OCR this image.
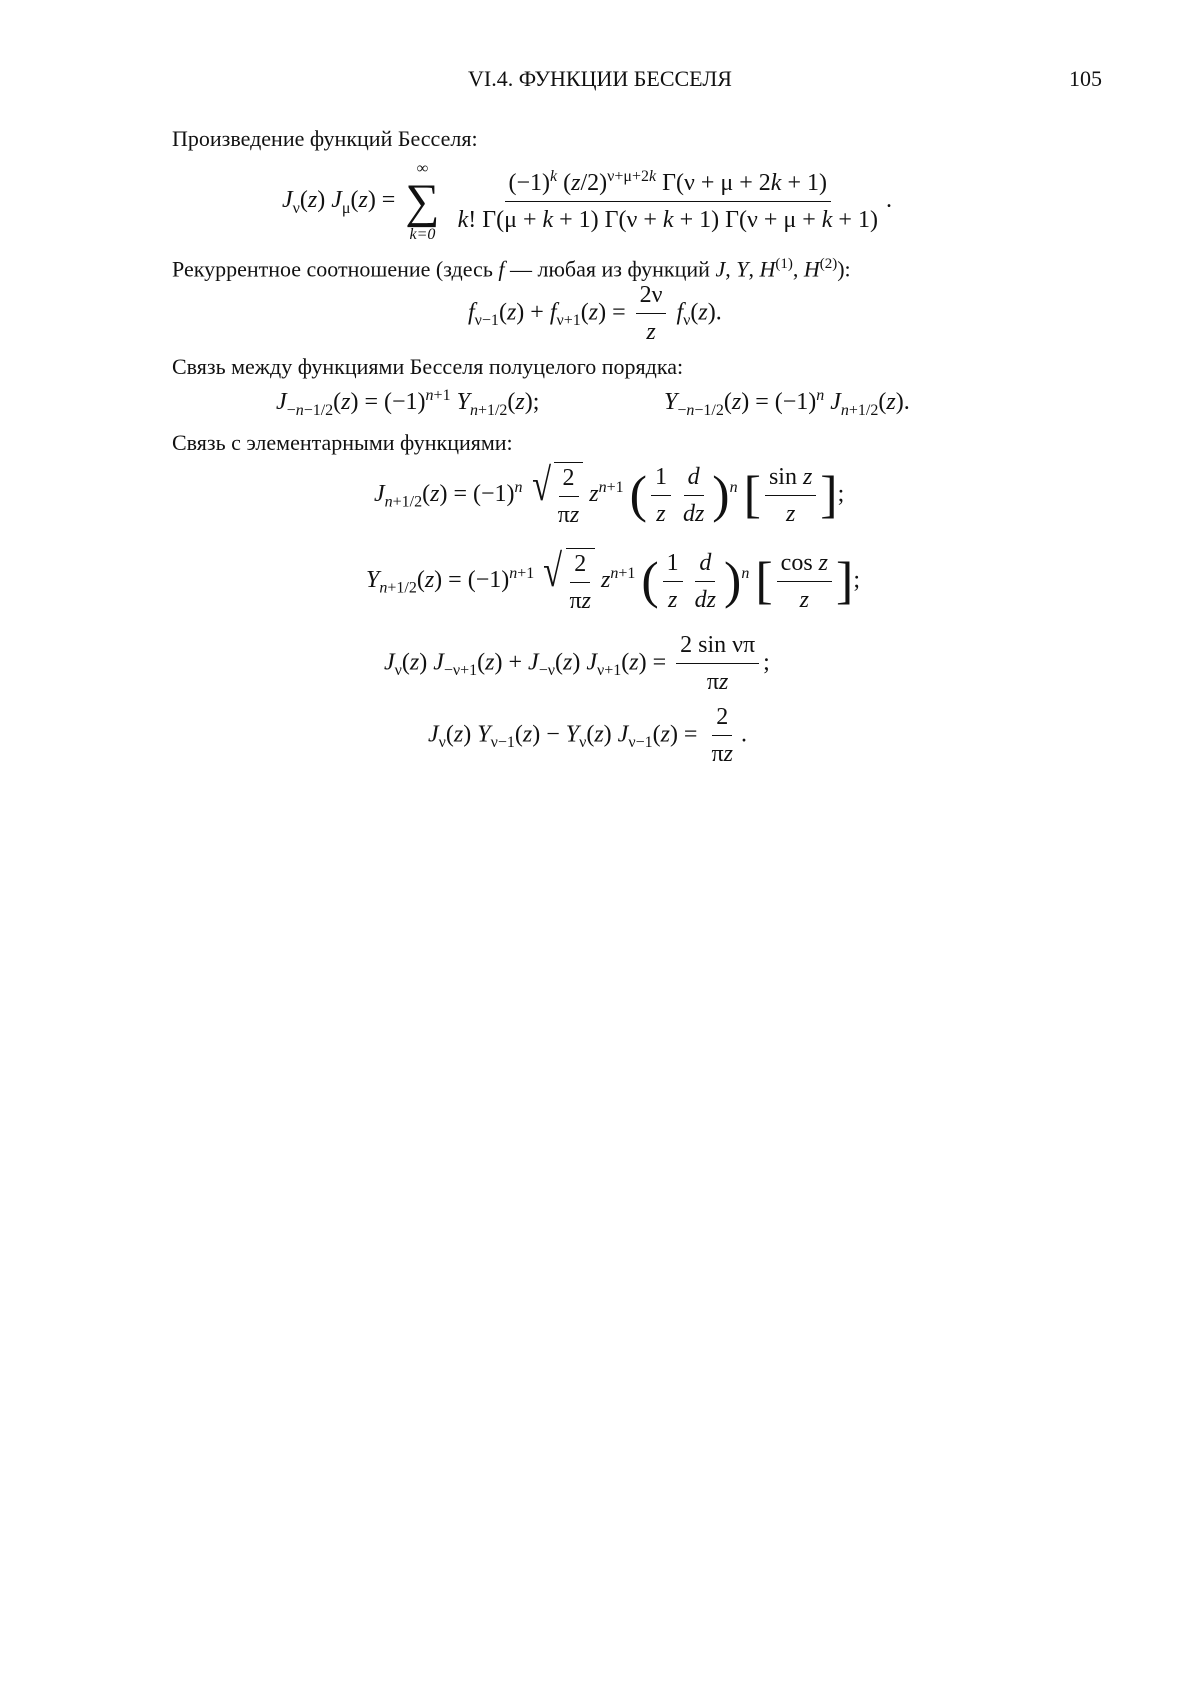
VI.4. ФУНКЦИИ БЕССЕЛЯ	105
Произведение функций Бесселя:
$J_\nu(z) J_\mu(z)$ =
∞
∑
k=0

$\frac{(-1)^k (z/2)^{\nu+\mu+2k} \Gamma(\nu + \mu + 2k + 1)}{k! \Gamma(\mu + k + 1) \Gamma(\nu + k + 1) \Gamma(\nu + \mu + k + 1)}$ .
Рекуррентное соотношение (здесь f — любая из функций J, Y, $H^{(1)}$, $H^{(2)}$):
$f_{\nu-1}(z) + f_{\nu+1}(z) = \frac{2\nu}{z} f_\nu(z)$.
Связь между функциями Бесселя полуцелого порядка:
$J_{-n-1/2}(z) = (-1)^{n+1}$ $Y_{n+1/2}(z)$;	$Y_{-n-1/2}(z) = (-1)^n$ $J_{n+1/2}(z)$.
Связь с элементарными функциями:
$J_{n+1/2}(z) = (-1)^n$ √ $\frac{2}{\pi z} z^{n+1}$ ( $\frac{1}{z} \frac{d}{dz} )^n$ [ $\frac{\text{sin z}}{z}$ ];
$Y_{n+1/2}(z) = (-1)^{n+1}$ √ $\frac{2}{\pi z} z^{n+1}$ ( $\frac{1}{z} \frac{d}{dz} )^n$ [ $\frac{\text{cos z}}{z}$ ];
$J_\nu(z) J_{-\nu+1}(z) + J_{-\nu}(z) J_{\nu+1}(z) = \frac{\text{2 sin νπ}}{\pi z}$ ;
$J_\nu(z) Y_{\nu-1}(z) - Y_\nu(z) J_{\nu-1}(z) = \frac{2}{\pi z}$ .
